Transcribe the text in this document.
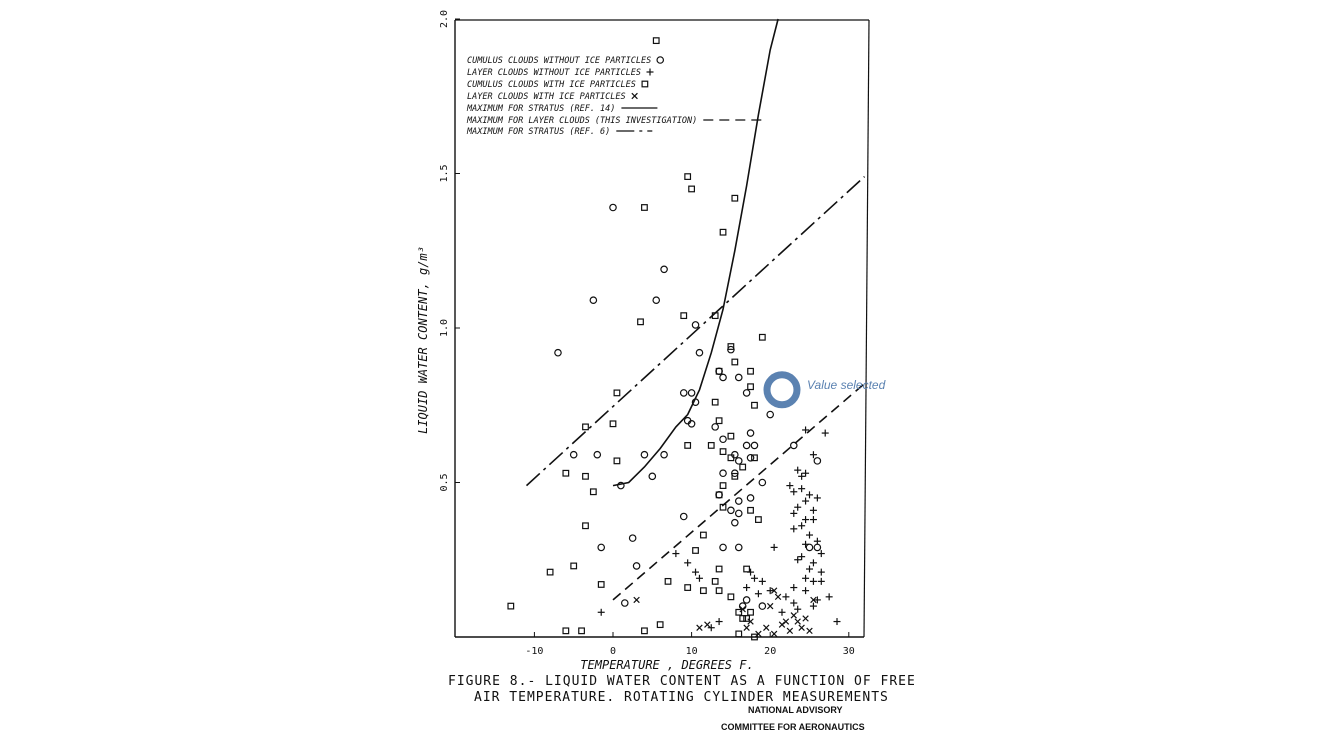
-10	0	10	20	30
0.5
1.0
1.5
2.0
LIQUID WATER CONTENT, g/m³
TEMPERATURE , DEGREES F.
CUMULUS CLOUDS WITHOUT ICE PARTICLES
LAYER CLOUDS WITHOUT ICE PARTICLES
CUMULUS CLOUDS WITH ICE PARTICLES
LAYER CLOUDS WITH ICE PARTICLES
MAXIMUM FOR STRATUS (REF. 14)
MAXIMUM FOR LAYER CLOUDS (THIS INVESTIGATION)
MAXIMUM FOR STRATUS (REF. 6)
Value selected
FIGURE 8.- LIQUID WATER CONTENT AS A FUNCTION OF FREE
AIR TEMPERATURE. ROTATING CYLINDER MEASUREMENTS
NATIONAL ADVISORY
COMMITTEE FOR AERONAUTICS
